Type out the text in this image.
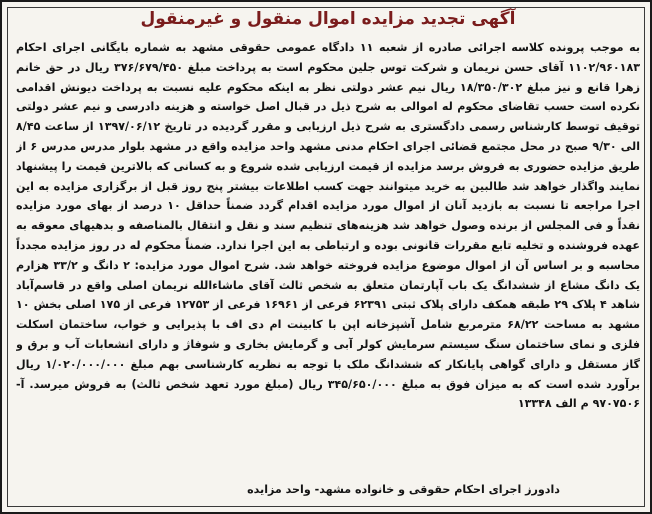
آگهی تجدید مزایده اموال منقول و غیرمنقول
به موجب پرونده کلاسه اجرائی صادره از شعبه ۱۱ دادگاه عمومی حقوقی مشهد به شماره بایگانی اجرای احکام ۱۱۰۲/۹۶۰۱۸۳ آقای حسن نریمان و شرکت توس جلین محکوم است به پرداخت مبلغ ۳۷۶/۶۷۹/۴۵۰ ریال در حق خانم زهرا قانع و نیز مبلغ ۱۸/۳۵۰/۳۰۲ ریال نیم عشر دولتی نظر به اینکه محکوم علیه نسبت به پرداخت دیونش اقدامی نکرده است حسب تقاضای محکوم له اموالی به شرح ذیل در قبال اصل خواسته و هزینه دادرسی و نیم عشر دولتی توقیف توسط کارشناس رسمی دادگستری به شرح ذیل ارزیابی و مقرر گردیده در تاریخ ۱۳۹۷/۰۶/۱۲ از ساعت ۸/۴۵ الی ۹/۳۰ صبح در محل مجتمع قضائی اجرای احکام مدنی مشهد واحد مزایده واقع در مشهد بلوار مدرس مدرس ۶ از طریق مزایده حضوری به فروش برسد مزایده از قیمت ارزیابی شده شروع و به کسانی که بالاترین قیمت را پیشنهاد نمایند واگذار خواهد شد طالبین به خرید میتوانند جهت کسب اطلاعات بیشتر پنج روز قبل از برگزاری مزایده به این اجرا مراجعه تا نسبت به بازدید آنان از اموال مورد مزایده اقدام گردد ضمناً حداقل ۱۰ درصد از بهای مورد مزایده نقداً و فی المجلس از برنده وصول خواهد شد هزینه‌های تنظیم سند و نقل و انتقال بالمناصفه و بدهیهای معوقه به عهده فروشنده و تخلیه تابع مقررات قانونی بوده و ارتباطی به این اجرا ندارد. ضمناً محکوم له در روز مزایده مجدداً محاسبه و بر اساس آن از اموال موضوع مزایده فروخته خواهد شد. شرح اموال مورد مزایده: ۲ دانگ و ۳۳/۲ هزارم یک دانگ مشاع از ششدانگ یک باب آپارتمان متعلق به شخص ثالث آقای ماشاءالله نریمان اصلی واقع در قاسم‌آباد شاهد ۴ پلاک ۲۹ طبقه همکف دارای پلاک ثبتی ۶۲۳۹۱ فرعی از ۱۶۹۶۱ فرعی از ۱۲۷۵۳ فرعی از ۱۷۵ اصلی بخش ۱۰ مشهد به مساحت ۶۸/۲۲ مترمربع شامل آشپزخانه اپن با کابینت ام دی اف با پذیرایی و خواب، ساختمان اسکلت فلزی و نمای ساختمان سنگ سیستم سرمایش کولر آبی و گرمایش بخاری و شوفاژ و دارای انشعابات آب و برق و گاز مستقل و دارای گواهی پایانکار که ششدانگ ملک با توجه به نظریه کارشناسی بهم مبلغ ۱/۰۲۰/۰۰۰/۰۰۰ ریال برآورد شده است که به میزان فوق به مبلغ ۳۴۵/۶۵۰/۰۰۰ ریال (مبلغ مورد تعهد شخص ثالث) به فروش میرسد. آ- ۹۷۰۷۵۰۶ م الف ۱۳۳۴۸
دادورز اجرای احکام حقوقی و خانواده مشهد- واحد مزایده
